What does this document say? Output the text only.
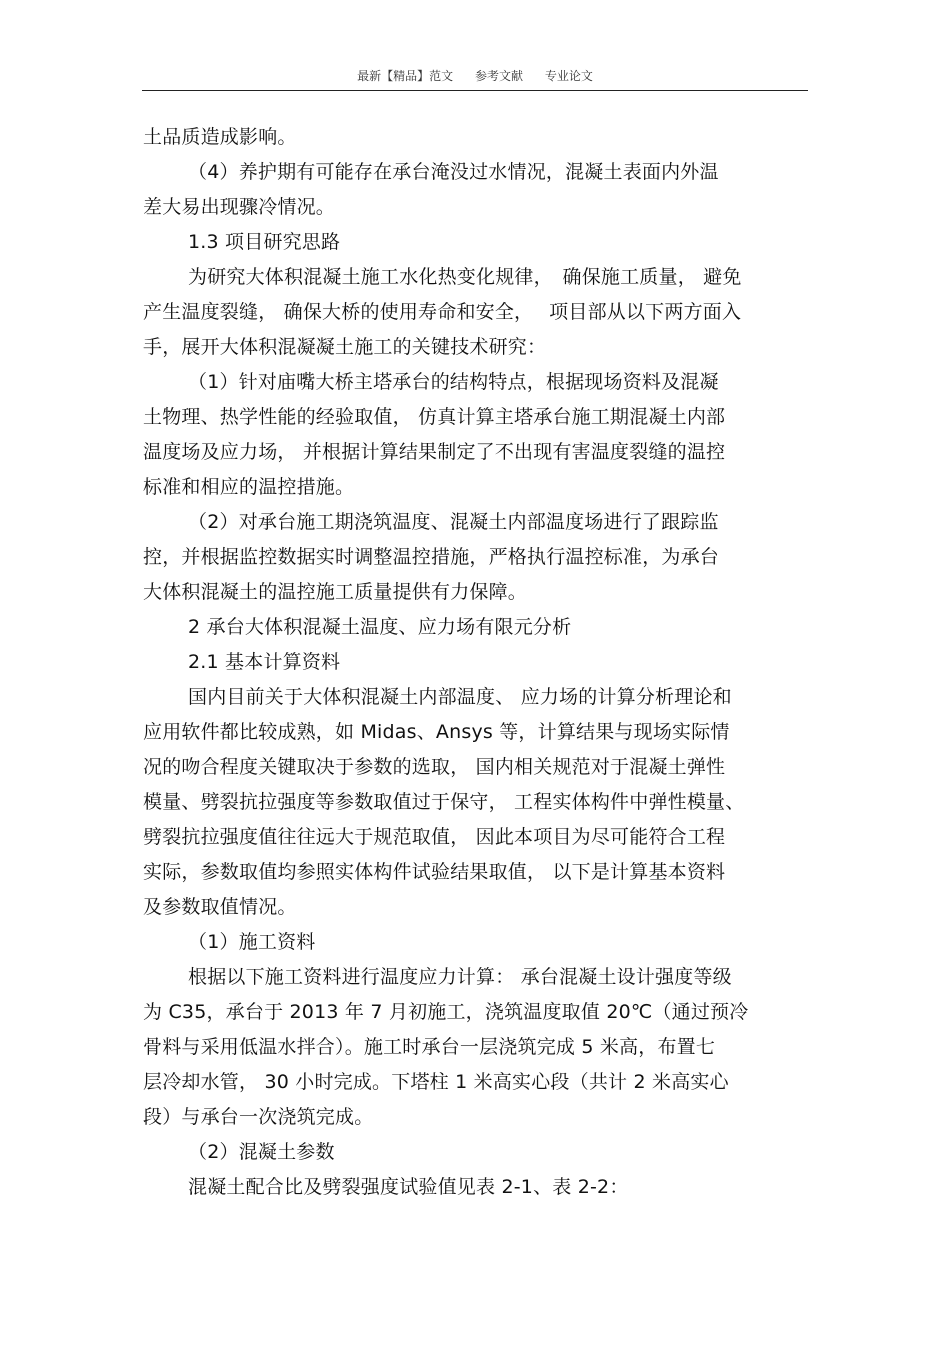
最新【精品】范文 参考文献 专业论文
土品质造成影响。
（4）养护期有可能存在承台淹没过水情况，混凝土表面内外温
差大易出现骤冷情况。
1.3 项目研究思路
为研究大体积混凝土施工水化热变化规律，　确保施工质量， 避免
产生温度裂缝， 确保大桥的使用寿命和安全，　 项目部从以下两方面入
手，展开大体积混凝凝土施工的关键技术研究：
（1）针对庙嘴大桥主塔承台的结构特点，根据现场资料及混凝
土物理、热学性能的经验取值， 仿真计算主塔承台施工期混凝土内部
温度场及应力场， 并根据计算结果制定了不出现有害温度裂缝的温控
标准和相应的温控措施。
（2）对承台施工期浇筑温度、混凝土内部温度场进行了跟踪监
控，并根据监控数据实时调整温控措施，严格执行温控标准，为承台
大体积混凝土的温控施工质量提供有力保障。
2 承台大体积混凝土温度、应力场有限元分析
2.1 基本计算资料
国内目前关于大体积混凝土内部温度、 应力场的计算分析理论和
应用软件都比较成熟，如 Midas、Ansys 等，计算结果与现场实际情
况的吻合程度关键取决于参数的选取， 国内相关规范对于混凝土弹性
模量、劈裂抗拉强度等参数取值过于保守， 工程实体构件中弹性模量、
劈裂抗拉强度值往往远大于规范取值， 因此本项目为尽可能符合工程
实际，参数取值均参照实体构件试验结果取值， 以下是计算基本资料
及参数取值情况。
（1）施工资料
根据以下施工资料进行温度应力计算： 承台混凝土设计强度等级
为 C35，承台于 2013 年 7 月初施工，浇筑温度取值 20℃（通过预冷
骨料与采用低温水拌合）。施工时承台一层浇筑完成 5 米高，布置七
层冷却水管， 30 小时完成。下塔柱 1 米高实心段（共计 2 米高实心
段）与承台一次浇筑完成。
（2）混凝土参数
混凝土配合比及劈裂强度试验值见表 2-1、表 2-2：
